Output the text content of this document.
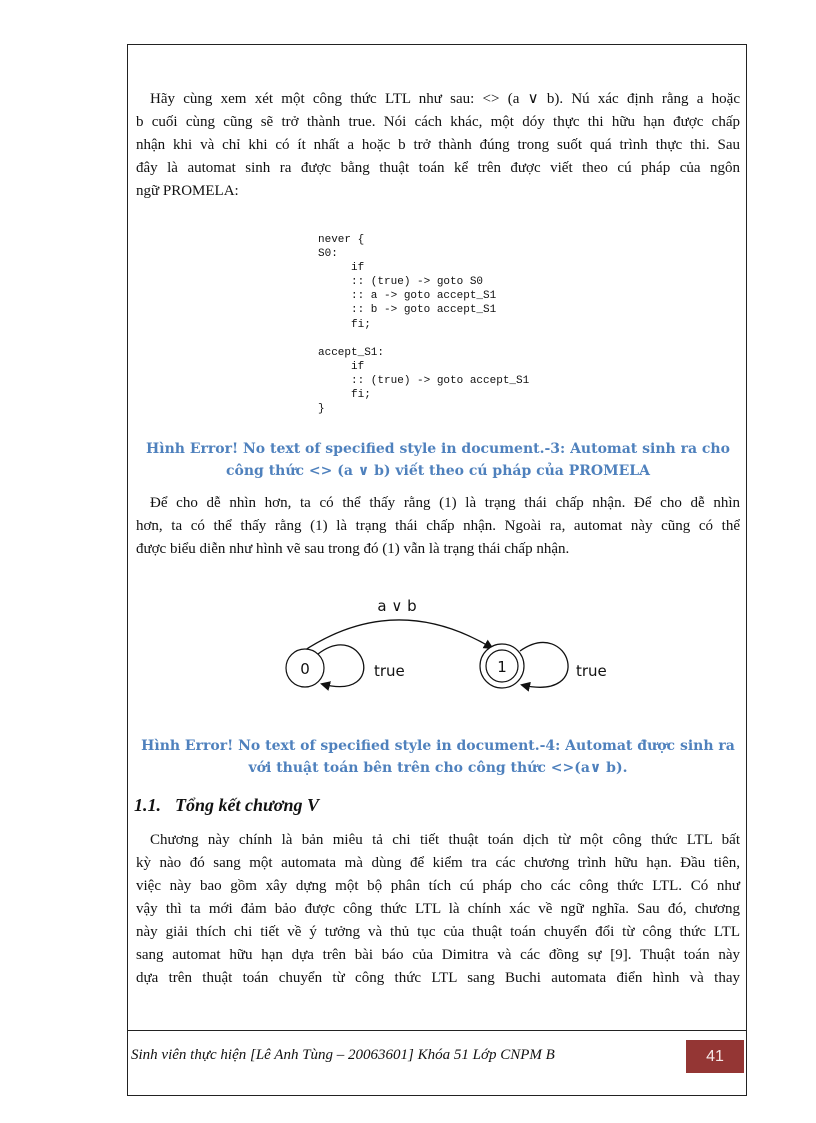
Hãy cùng xem xét một công thức LTL như sau: <> (a ∨ b). Nú xác định rằng a hoặc
b cuối cùng cũng sẽ trở thành true. Nói cách khác, một dóy thực thi hữu hạn được chấp
nhận khi và chỉ khi có ít nhất a hoặc b trở thành đúng trong suốt quá trình thực thi. Sau
đây là automat sinh ra được bằng thuật toán kể trên được viết theo cú pháp của ngôn
ngữ PROMELA:
never {
S0:
if
:: (true) -> goto S0
:: a -> goto accept_S1
:: b -> goto accept_S1
fi;

accept_S1:
if
:: (true) -> goto accept_S1
fi;
}
Hình Error! No text of specified style in document.-3: Automat sinh ra cho
công thức <> (a ∨ b) viết theo cú pháp của PROMELA
Để cho dễ nhìn hơn, ta có thể thấy rằng (1) là trạng thái chấp nhận. Để cho dễ nhìn
hơn, ta có thể thấy rằng (1) là trạng thái chấp nhận. Ngoài ra, automat này cũng có thể
được biểu diễn như hình vẽ sau trong đó (1) vẫn là trạng thái chấp nhận.
a ∨ b
0	true	1	true
Hình Error! No text of specified style in document.-4: Automat được sinh ra
với thuật toán bên trên cho công thức <>(a∨ b).
1.1. Tổng kết chương V
Chương này chính là bản miêu tả chi tiết thuật toán dịch từ một công thức LTL bất
kỳ nào đó sang một automata mà dùng để kiểm tra các chương trình hữu hạn. Đầu tiên,
việc này bao gồm xây dựng một bộ phân tích cú pháp cho các công thức LTL. Có như
vậy thì ta mới đảm bảo được công thức LTL là chính xác về ngữ nghĩa. Sau đó, chương
này giải thích chi tiết về ý tưởng và thủ tục của thuật toán chuyển đổi từ công thức LTL
sang automat hữu hạn dựa trên bài báo của Dimitra và các đồng sự [9]. Thuật toán này
dựa trên thuật toán chuyển từ công thức LTL sang Buchi automata điển hình và thay
Sinh viên thực hiện [Lê Anh Tùng – 20063601] Khóa 51 Lớp CNPM B	41
